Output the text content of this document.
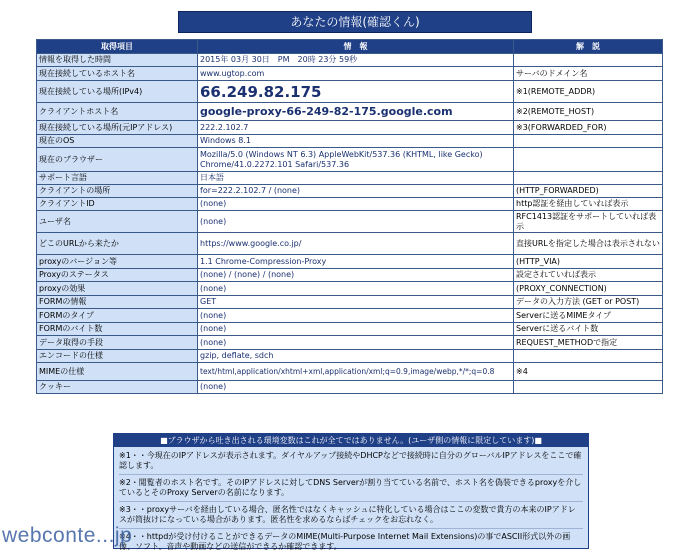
あなたの情報(確認くん)
取得項目	情　報	解　説
情報を取得した時間	2015年 03月 30日　PM　20時 23分 59秒	
現在接続しているホスト名	www.ugtop.com	サーバのドメイン名
現在接続している場所(IPv4)	66.249.82.175	※1(REMOTE_ADDR)
クライアントホスト名	google-proxy-66-249-82-175.google.com	※2(REMOTE_HOST)
現在接続している場所(元IPアドレス)	222.2.102.7	※3(FORWARDED_FOR)
現在のOS	Windows 8.1	
現在のブラウザー	Mozilla/5.0 (Windows NT 6.3) AppleWebKit/537.36 (KHTML, like Gecko) Chrome/41.0.2272.101 Safari/537.36	
サポート言語	日本語	
クライアントの場所	for=222.2.102.7 / (none)	(HTTP_FORWARDED)
クライアントID	(none)	http認証を経由していれば表示
ユーザ名	(none)	RFC1413認証をサポートしていれば表示
どこのURLから来たか	https://www.google.co.jp/	直接URLを指定した場合は表示されない
proxyのバージョン等	1.1 Chrome-Compression-Proxy	(HTTP_VIA)
Proxyのステータス	(none) / (none) / (none)	設定されていれば表示
proxyの効果	(none)	(PROXY_CONNECTION)
FORMの情報	GET	データの入力方法 (GET or POST)
FORMのタイプ	(none)	Serverに送るMIMEタイプ
FORMのバイト数	(none)	Serverに送るバイト数
データ取得の手段	(none)	REQUEST_METHODで指定
エンコードの仕様	gzip, deflate, sdch	
MIMEの仕様	text/html,application/xhtml+xml,application/xml;q=0.9,image/webp,*/*;q=0.8	※4
クッキー	(none)	
■ブラウザから吐き出される環境変数はこれが全てではありません。(ユーザ側の情報に限定しています)■

※1・・今現在のIPアドレスが表示されます。ダイヤルアップ接続やDHCPなどで接続時に自分のグローバルIPアドレスをここで確認します。

※2・閲覧者のホスト名です。そのIPアドレスに対してDNS Serverが割り当てている名前で、ホスト名を偽装できるproxyを介しているとそのProxy Serverの名前になります。

※3・・proxyサーバを経由している場合、匿名性ではなくキャッシュに特化している場合はここの変数で貴方の本来のIPアドレスが筒抜けになっている場合があります。匿名性を求めるならばチェックをお忘れなく。

※4・・httpdが受け付けることができるデータのMIME(Multi-Purpose Internet Mail Extensions)の事でASCII形式以外の画像、ソフト、音声や動画などの送信ができるか確認できます。

webconte...jp
